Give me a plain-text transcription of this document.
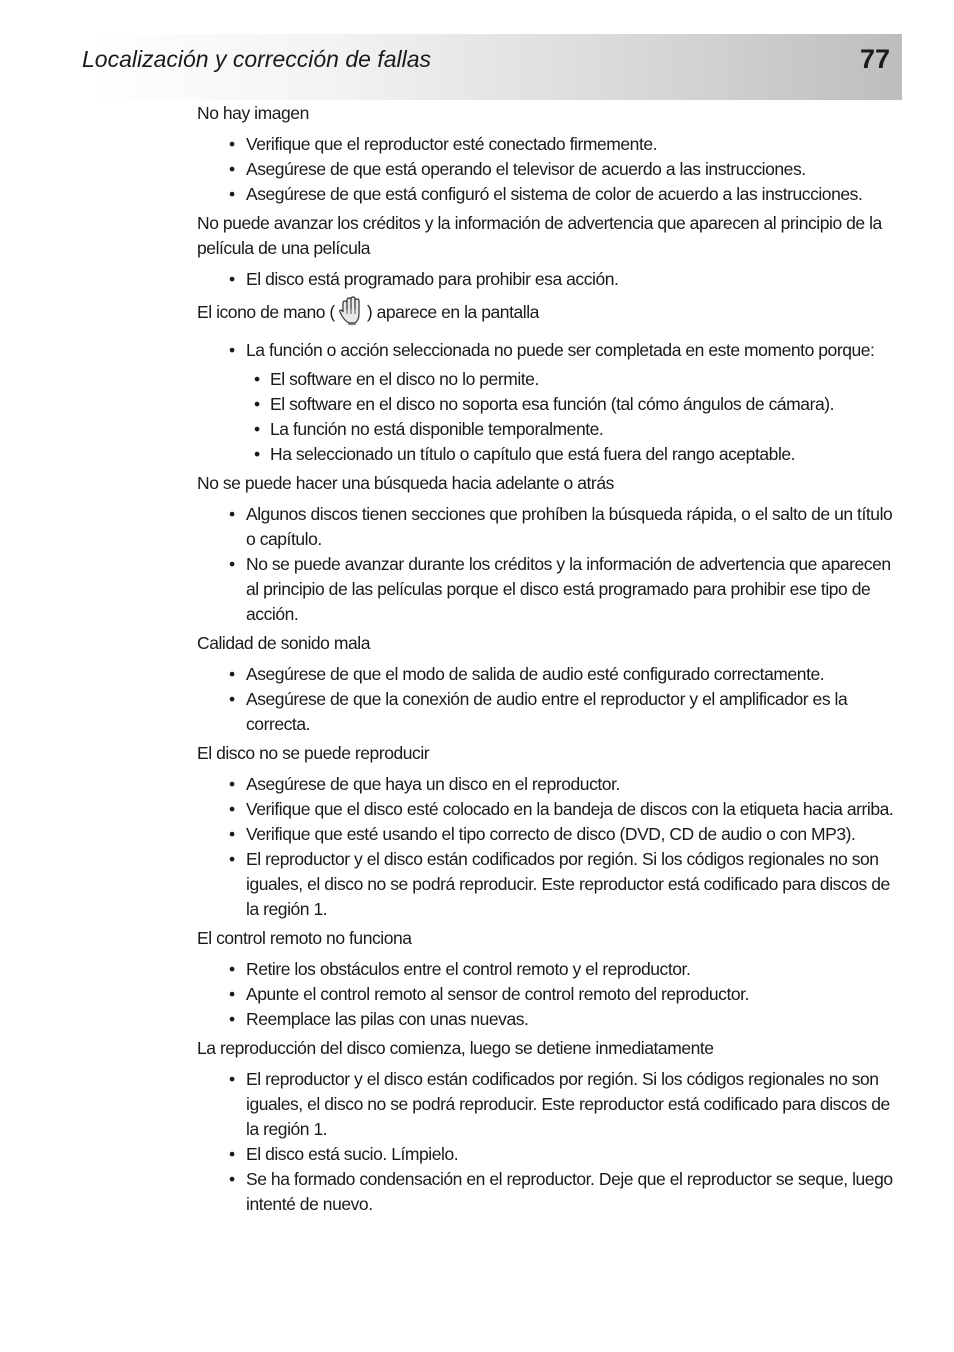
Localización y corrección de fallas	77

No hay imagen

• Verifique que el reproductor esté conectado firmemente.
• Asegúrese de que está operando el televisor de acuerdo a las instrucciones.
• Asegúrese de que está configuró el sistema de color de acuerdo a las instrucciones.

No puede avanzar los créditos y la información de advertencia que aparecen al principio de la película de una película

• El disco está programado para prohibir esa acción.

El icono de mano ( ) aparece en la pantalla

• La función o acción seleccionada no puede ser completada en este momento porque:
• El software en el disco no lo permite.
• El software en el disco no soporta esa función (tal cómo ángulos de cámara).
• La función no está disponible temporalmente.
• Ha seleccionado un título o capítulo que está fuera del rango aceptable.

No se puede hacer una búsqueda hacia adelante o atrás

• Algunos discos tienen secciones que prohíben la búsqueda rápida, o el salto de un título o capítulo.
• No se puede avanzar durante los créditos y la información de advertencia que aparecen al principio de las películas porque el disco está programado para prohibir ese tipo de acción.

Calidad de sonido mala

• Asegúrese de que el modo de salida de audio esté configurado correctamente.
• Asegúrese de que la conexión de audio entre el reproductor y el amplificador es la correcta.

El disco no se puede reproducir

• Asegúrese de que haya un disco en el reproductor.
• Verifique que el disco esté colocado en la bandeja de discos con la etiqueta hacia arriba.
• Verifique que esté usando el tipo correcto de disco (DVD, CD de audio o con MP3).
• El reproductor y el disco están codificados por región. Si los códigos regionales no son iguales, el disco no se podrá reproducir. Este reproductor está codificado para discos de la región 1.

El control remoto no funciona

• Retire los obstáculos entre el control remoto y el reproductor.
• Apunte el control remoto al sensor de control remoto del reproductor.
• Reemplace las pilas con unas nuevas.

La reproducción del disco comienza, luego se detiene inmediatamente

• El reproductor y el disco están codificados por región. Si los códigos regionales no son iguales, el disco no se podrá reproducir. Este reproductor está codificado para discos de la región 1.
• El disco está sucio. Límpielo.
• Se ha formado condensación en el reproductor. Deje que el reproductor se seque, luego intenté de nuevo.
